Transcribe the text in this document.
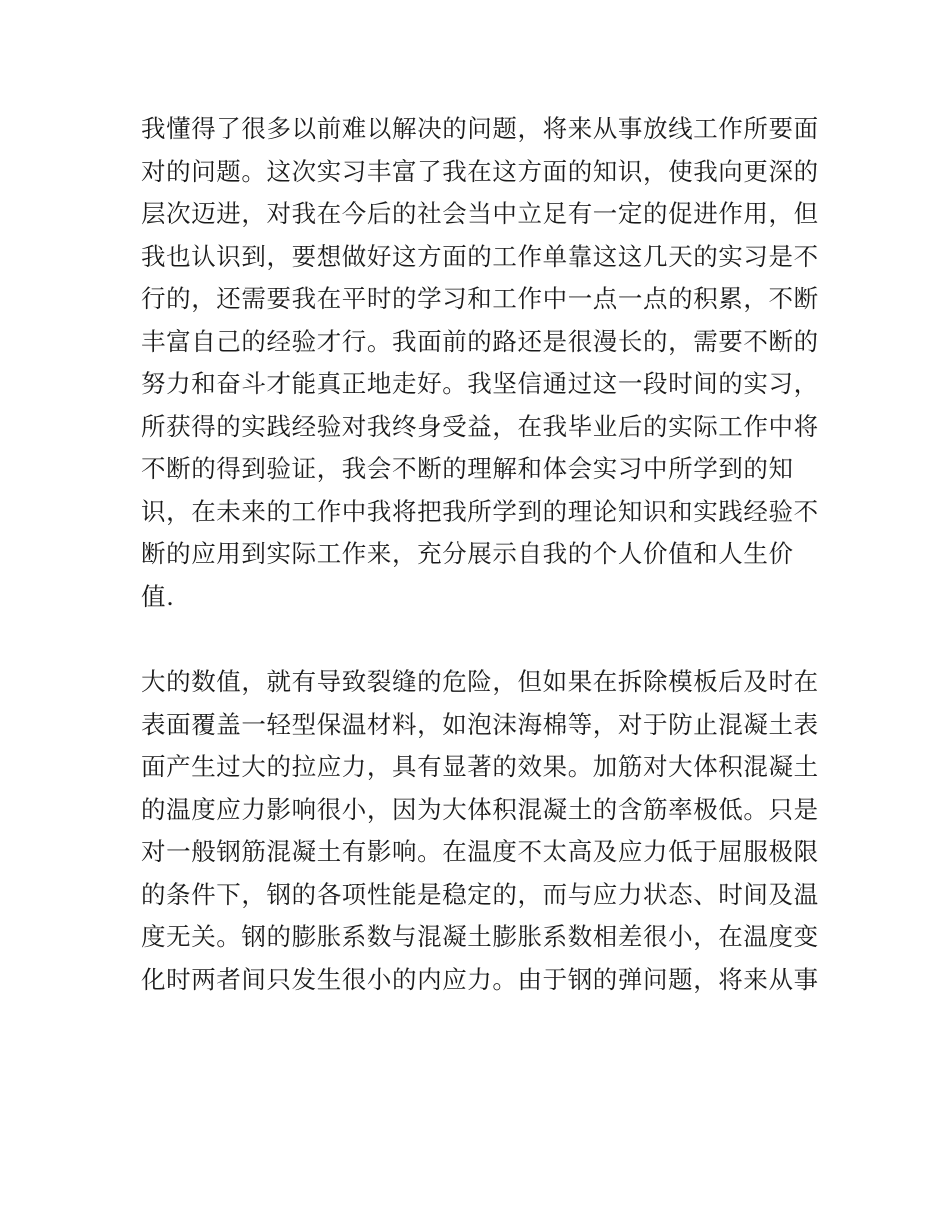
我懂得了很多以前难以解决的问题，将来从事放线工作所要面
对的问题。这次实习丰富了我在这方面的知识，使我向更深的
层次迈进，对我在今后的社会当中立足有一定的促进作用，但
我也认识到，要想做好这方面的工作单靠这这几天的实习是不
行的，还需要我在平时的学习和工作中一点一点的积累，不断
丰富自己的经验才行。我面前的路还是很漫长的，需要不断的
努力和奋斗才能真正地走好。我坚信通过这一段时间的实习，
所获得的实践经验对我终身受益，在我毕业后的实际工作中将
不断的得到验证，我会不断的理解和体会实习中所学到的知
识，在未来的工作中我将把我所学到的理论知识和实践经验不
断的应用到实际工作来，充分展示自我的个人价值和人生价
值.
大的数值，就有导致裂缝的危险，但如果在拆除模板后及时在
表面覆盖一轻型保温材料，如泡沫海棉等，对于防止混凝土表
面产生过大的拉应力，具有显著的效果。加筋对大体积混凝土
的温度应力影响很小，因为大体积混凝土的含筋率极低。只是
对一般钢筋混凝土有影响。在温度不太高及应力低于屈服极限
的条件下，钢的各项性能是稳定的，而与应力状态、时间及温
度无关。钢的膨胀系数与混凝土膨胀系数相差很小，在温度变
化时两者间只发生很小的内应力。由于钢的弹问题，将来从事
